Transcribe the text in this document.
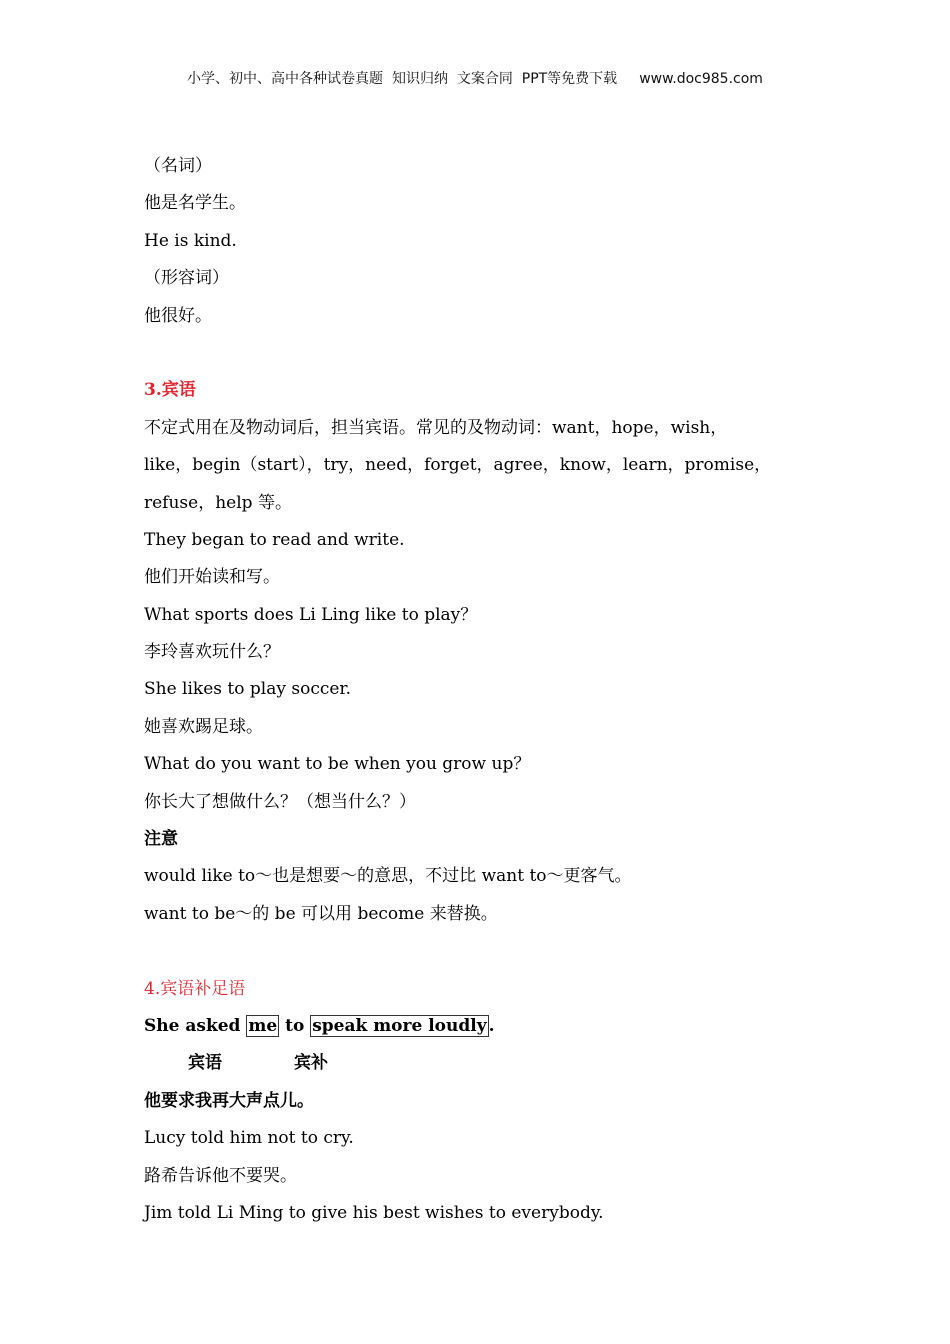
小学、初中、高中各种试卷真题  知识归纳  文案合同  PPT等免费下载 www.doc985.com
（名词）
他是名学生。
He is kind.
（形容词）
他很好。
3.宾语
不定式用在及物动词后，担当宾语。常见的及物动词：want，hope，wish，
like，begin（start），try，need，forget，agree，know，learn，promise，
refuse，help 等。
They began to read and write.
他们开始读和写。
What sports does Li Ling like to play？
李玲喜欢玩什么？
She likes to play soccer.
她喜欢踢足球。
What do you want to be when you grow up？
你长大了想做什么？（想当什么？）
注意
would like to～也是想要～的意思，不过比 want to～更客气。
want to be～的 be 可以用 become 来替换。
4.宾语补足语
She asked me to speak more loudly .
宾语	宾补
他要求我再大声点儿。
Lucy told him not to cry.
路希告诉他不要哭。
Jim told Li Ming to give his best wishes to everybody.
